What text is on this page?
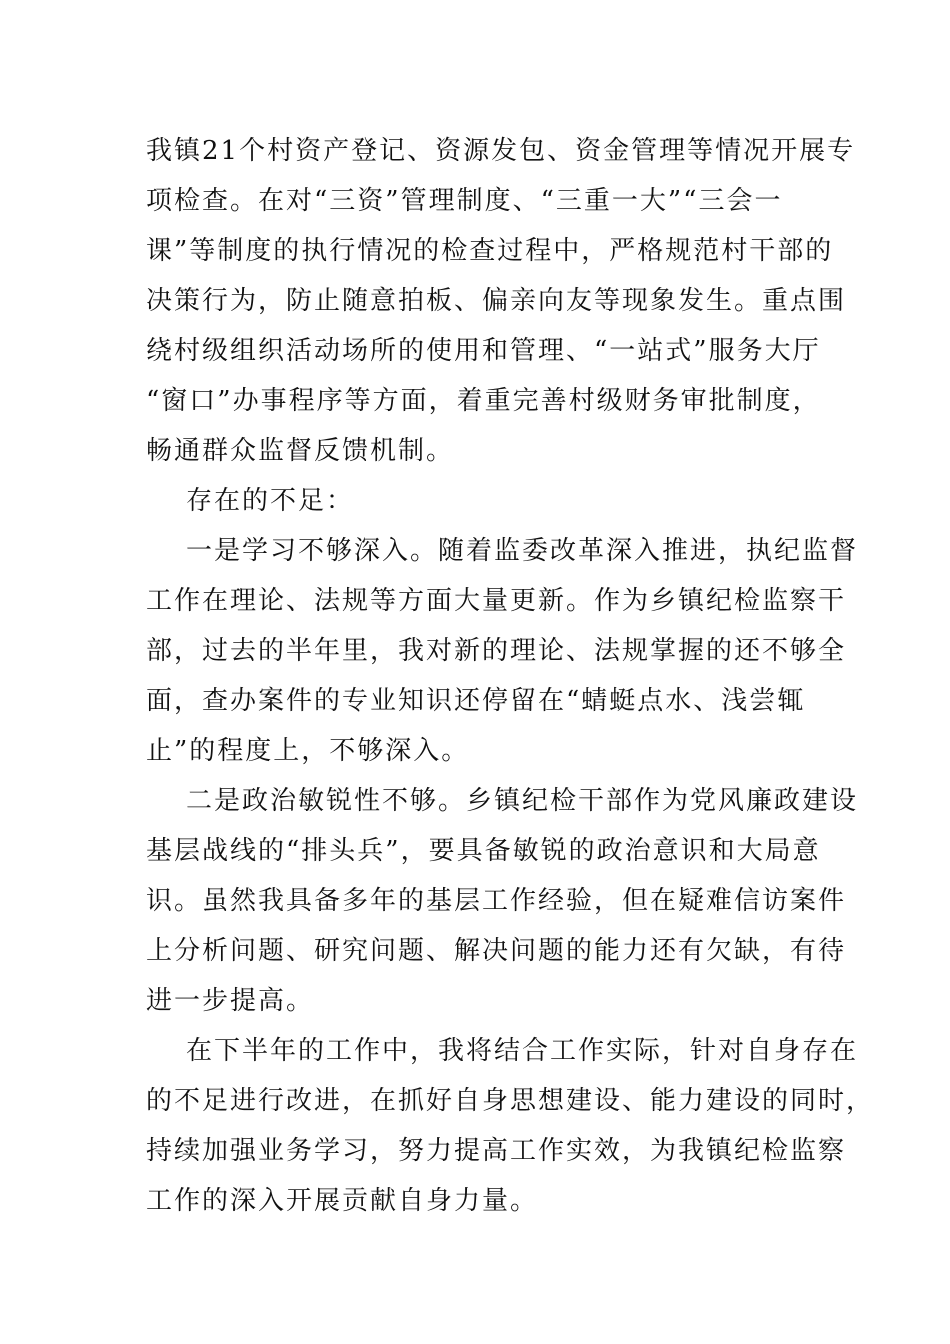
我镇21个村资产登记、资源发包、资金管理等情况开展专
项检查。在对“三资”管理制度、“三重一大”“三会一
课”等制度的执行情况的检查过程中，严格规范村干部的
决策行为，防止随意拍板、偏亲向友等现象发生。重点围
绕村级组织活动场所的使用和管理、“一站式”服务大厅
“窗口”办事程序等方面，着重完善村级财务审批制度，
畅通群众监督反馈机制。
存在的不足：
一是学习不够深入。随着监委改革深入推进，执纪监督
工作在理论、法规等方面大量更新。作为乡镇纪检监察干
部，过去的半年里，我对新的理论、法规掌握的还不够全
面，查办案件的专业知识还停留在“蜻蜓点水、浅尝辄
止”的程度上，不够深入。
二是政治敏锐性不够。乡镇纪检干部作为党风廉政建设
基层战线的“排头兵”，要具备敏锐的政治意识和大局意
识。虽然我具备多年的基层工作经验，但在疑难信访案件
上分析问题、研究问题、解决问题的能力还有欠缺，有待
进一步提高。
在下半年的工作中，我将结合工作实际，针对自身存在
的不足进行改进，在抓好自身思想建设、能力建设的同时，
持续加强业务学习，努力提高工作实效，为我镇纪检监察
工作的深入开展贡献自身力量。
